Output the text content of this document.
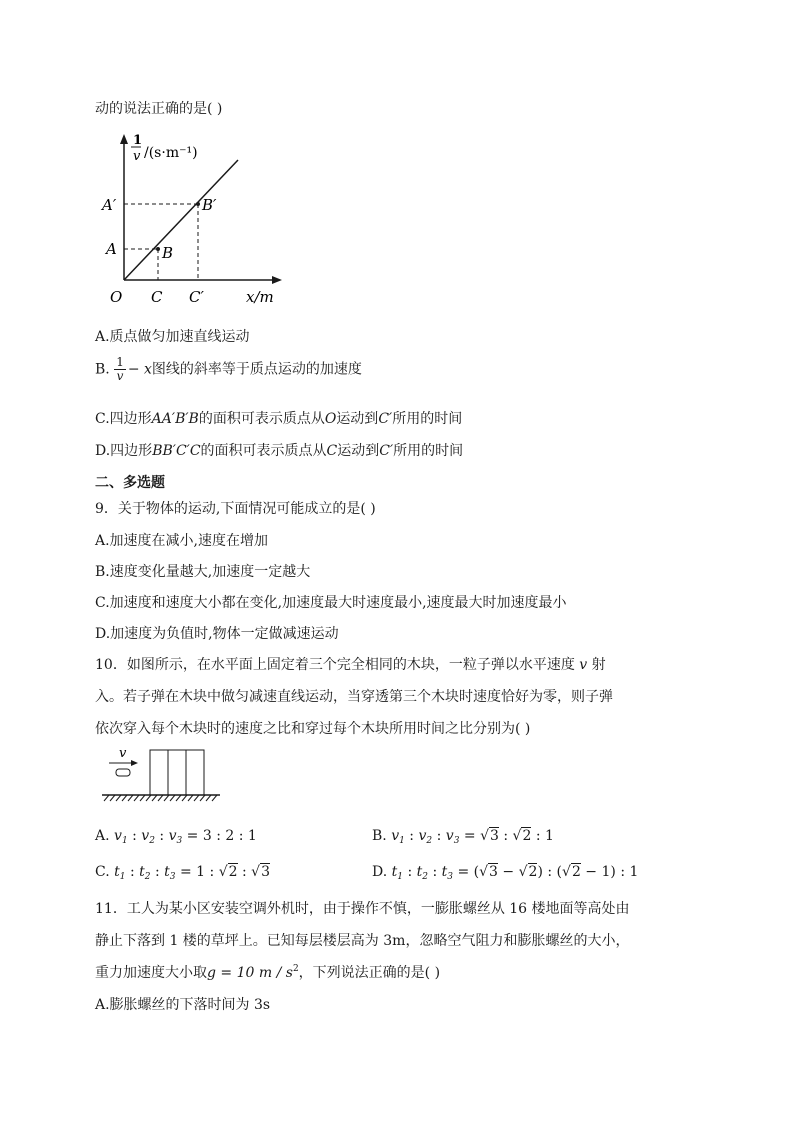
动的说法正确的是( )
1
v /(s·m⁻¹)
A′
A
B′
B
O C C′	x/m
A.质点做匀加速直线运动
B. $\frac{1}{v} - x$图线的斜率等于质点运动的加速度
C.四边形AA′B′B的面积可表示质点从O运动到C′所用的时间
D.四边形BB′C′C的面积可表示质点从C运动到C′所用的时间
二、多选题
9．关于物体的运动,下面情况可能成立的是( )
A.加速度在减小,速度在增加
B.速度变化量越大,加速度一定越大
C.加速度和速度大小都在变化,加速度最大时速度最小,速度最大时加速度最小
D.加速度为负值时,物体一定做减速运动
10．如图所示，在水平面上固定着三个完全相同的木块，一粒子弹以水平速度 v 射
入。若子弹在木块中做匀减速直线运动，当穿透第三个木块时速度恰好为零，则子弹
依次穿入每个木块时的速度之比和穿过每个木块所用时间之比分别为( )
v
A. $v_1$ : $v_2$ : $v_3 = 3$ : 2 : 1	B. $v_1$ : $v_2$ : $v_3 = √3$ : √2 : 1
C. $t_1$ : $t_2$ : $t_3 = 1$ : √2 : √3	D. $t_1$ : $t_2$ : $t_3 = (√3 - √2)$ : (√2 − 1) : 1
11．工人为某小区安装空调外机时，由于操作不慎，一膨胀螺丝从 16 楼地面等高处由
静止下落到 1 楼的草坪上。已知每层楼层高为 3m，忽略空气阻力和膨胀螺丝的大小，
重力加速度大小取g = 10 m / $s^2$，下列说法正确的是( )
A.膨胀螺丝的下落时间为 3s
